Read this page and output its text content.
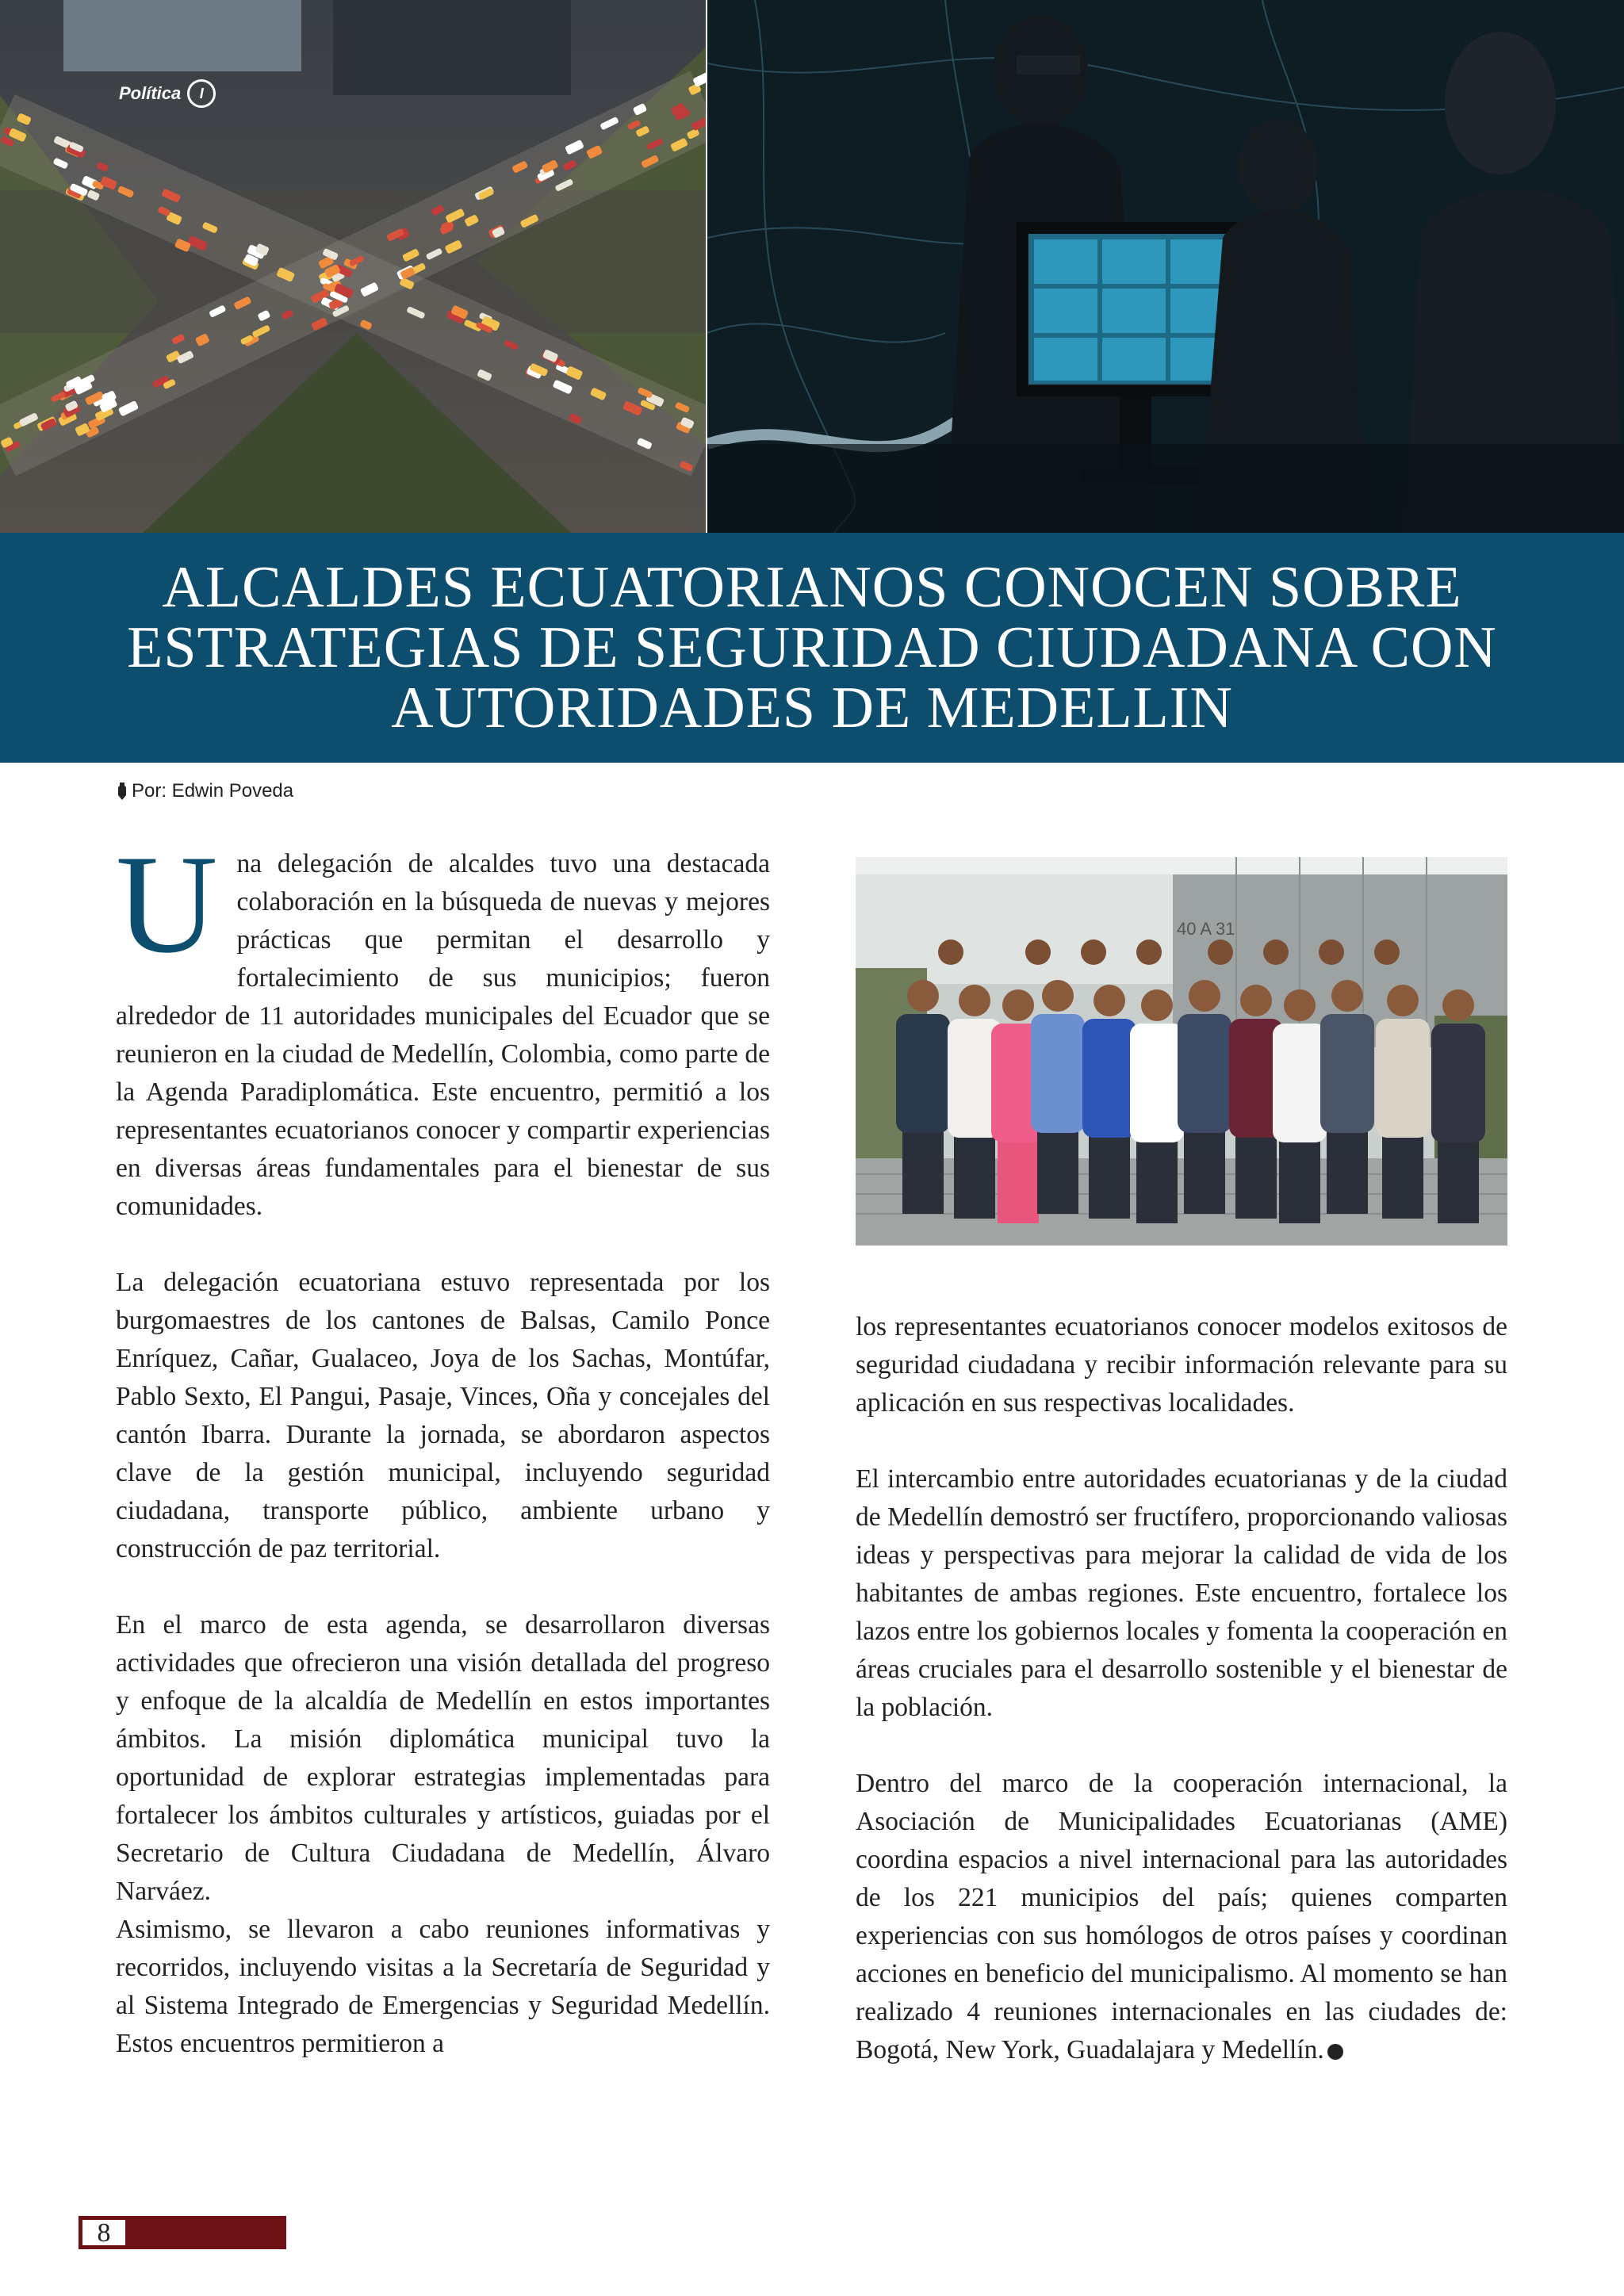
Política	I
ALCALDES ECUATORIANOS CONOCEN SOBRE ESTRATEGIAS DE SEGURIDAD CIUDADANA CON AUTORIDADES DE MEDELLIN
Por: Edwin Poveda

U na delegación de alcaldes tuvo una destacada colaboración en la búsqueda de nuevas y mejores prácticas que permitan el desarrollo y fortalecimiento de sus municipios; fueron alrededor de 11 autoridades municipales del Ecuador que se reunieron en la ciudad de Medellín, Colombia, como parte de la Agenda Paradiplomática. Este encuentro, permitió a los representantes ecuatorianos conocer y compartir experiencias en diversas áreas fundamentales para el bienestar de sus comunidades.

La delegación ecuatoriana estuvo representada por los burgomaestres de los cantones de Balsas, Camilo Ponce Enríquez, Cañar, Gualaceo, Joya de los Sachas, Montúfar, Pablo Sexto, El Pangui, Pasaje, Vinces, Oña y concejales del cantón Ibarra. Durante la jornada, se abordaron aspectos clave de la gestión municipal, incluyendo seguridad ciudadana, transporte público, ambiente urbano y construcción de paz territorial.

En el marco de esta agenda, se desarrollaron diversas actividades que ofrecieron una visión detallada del progreso y enfoque de la alcaldía de Medellín en estos importantes ámbitos. La misión diplomática municipal tuvo la oportunidad de explorar estrategias implementadas para fortalecer los ámbitos culturales y artísticos, guiadas por el Secretario de Cultura Ciudadana de Medellín, Álvaro Narváez.

Asimismo, se llevaron a cabo reuniones informativas y recorridos, incluyendo visitas a la Secretaría de Seguridad y al Sistema Integrado de Emergencias y Seguridad Medellín. Estos encuentros permitieron a

40 A 31

los representantes ecuatorianos conocer modelos exitosos de seguridad ciudadana y recibir información relevante para su aplicación en sus respectivas localidades.

El intercambio entre autoridades ecuatorianas y de la ciudad de Medellín demostró ser fructífero, proporcionando valiosas ideas y perspectivas para mejorar la calidad de vida de los habitantes de ambas regiones. Este encuentro, fortalece los lazos entre los gobiernos locales y fomenta la cooperación en áreas cruciales para el desarrollo sostenible y el bienestar de la población.

Dentro del marco de la cooperación internacional, la Asociación de Municipalidades Ecuatorianas (AME) coordina espacios a nivel internacional para las autoridades de los 221 municipios del país; quienes comparten experiencias con sus homólogos de otros países y coordinan acciones en beneficio del municipalismo. Al momento se han realizado 4 reuniones internacionales en las ciudades de: Bogotá, New York, Guadalajara y Medellín.

8
